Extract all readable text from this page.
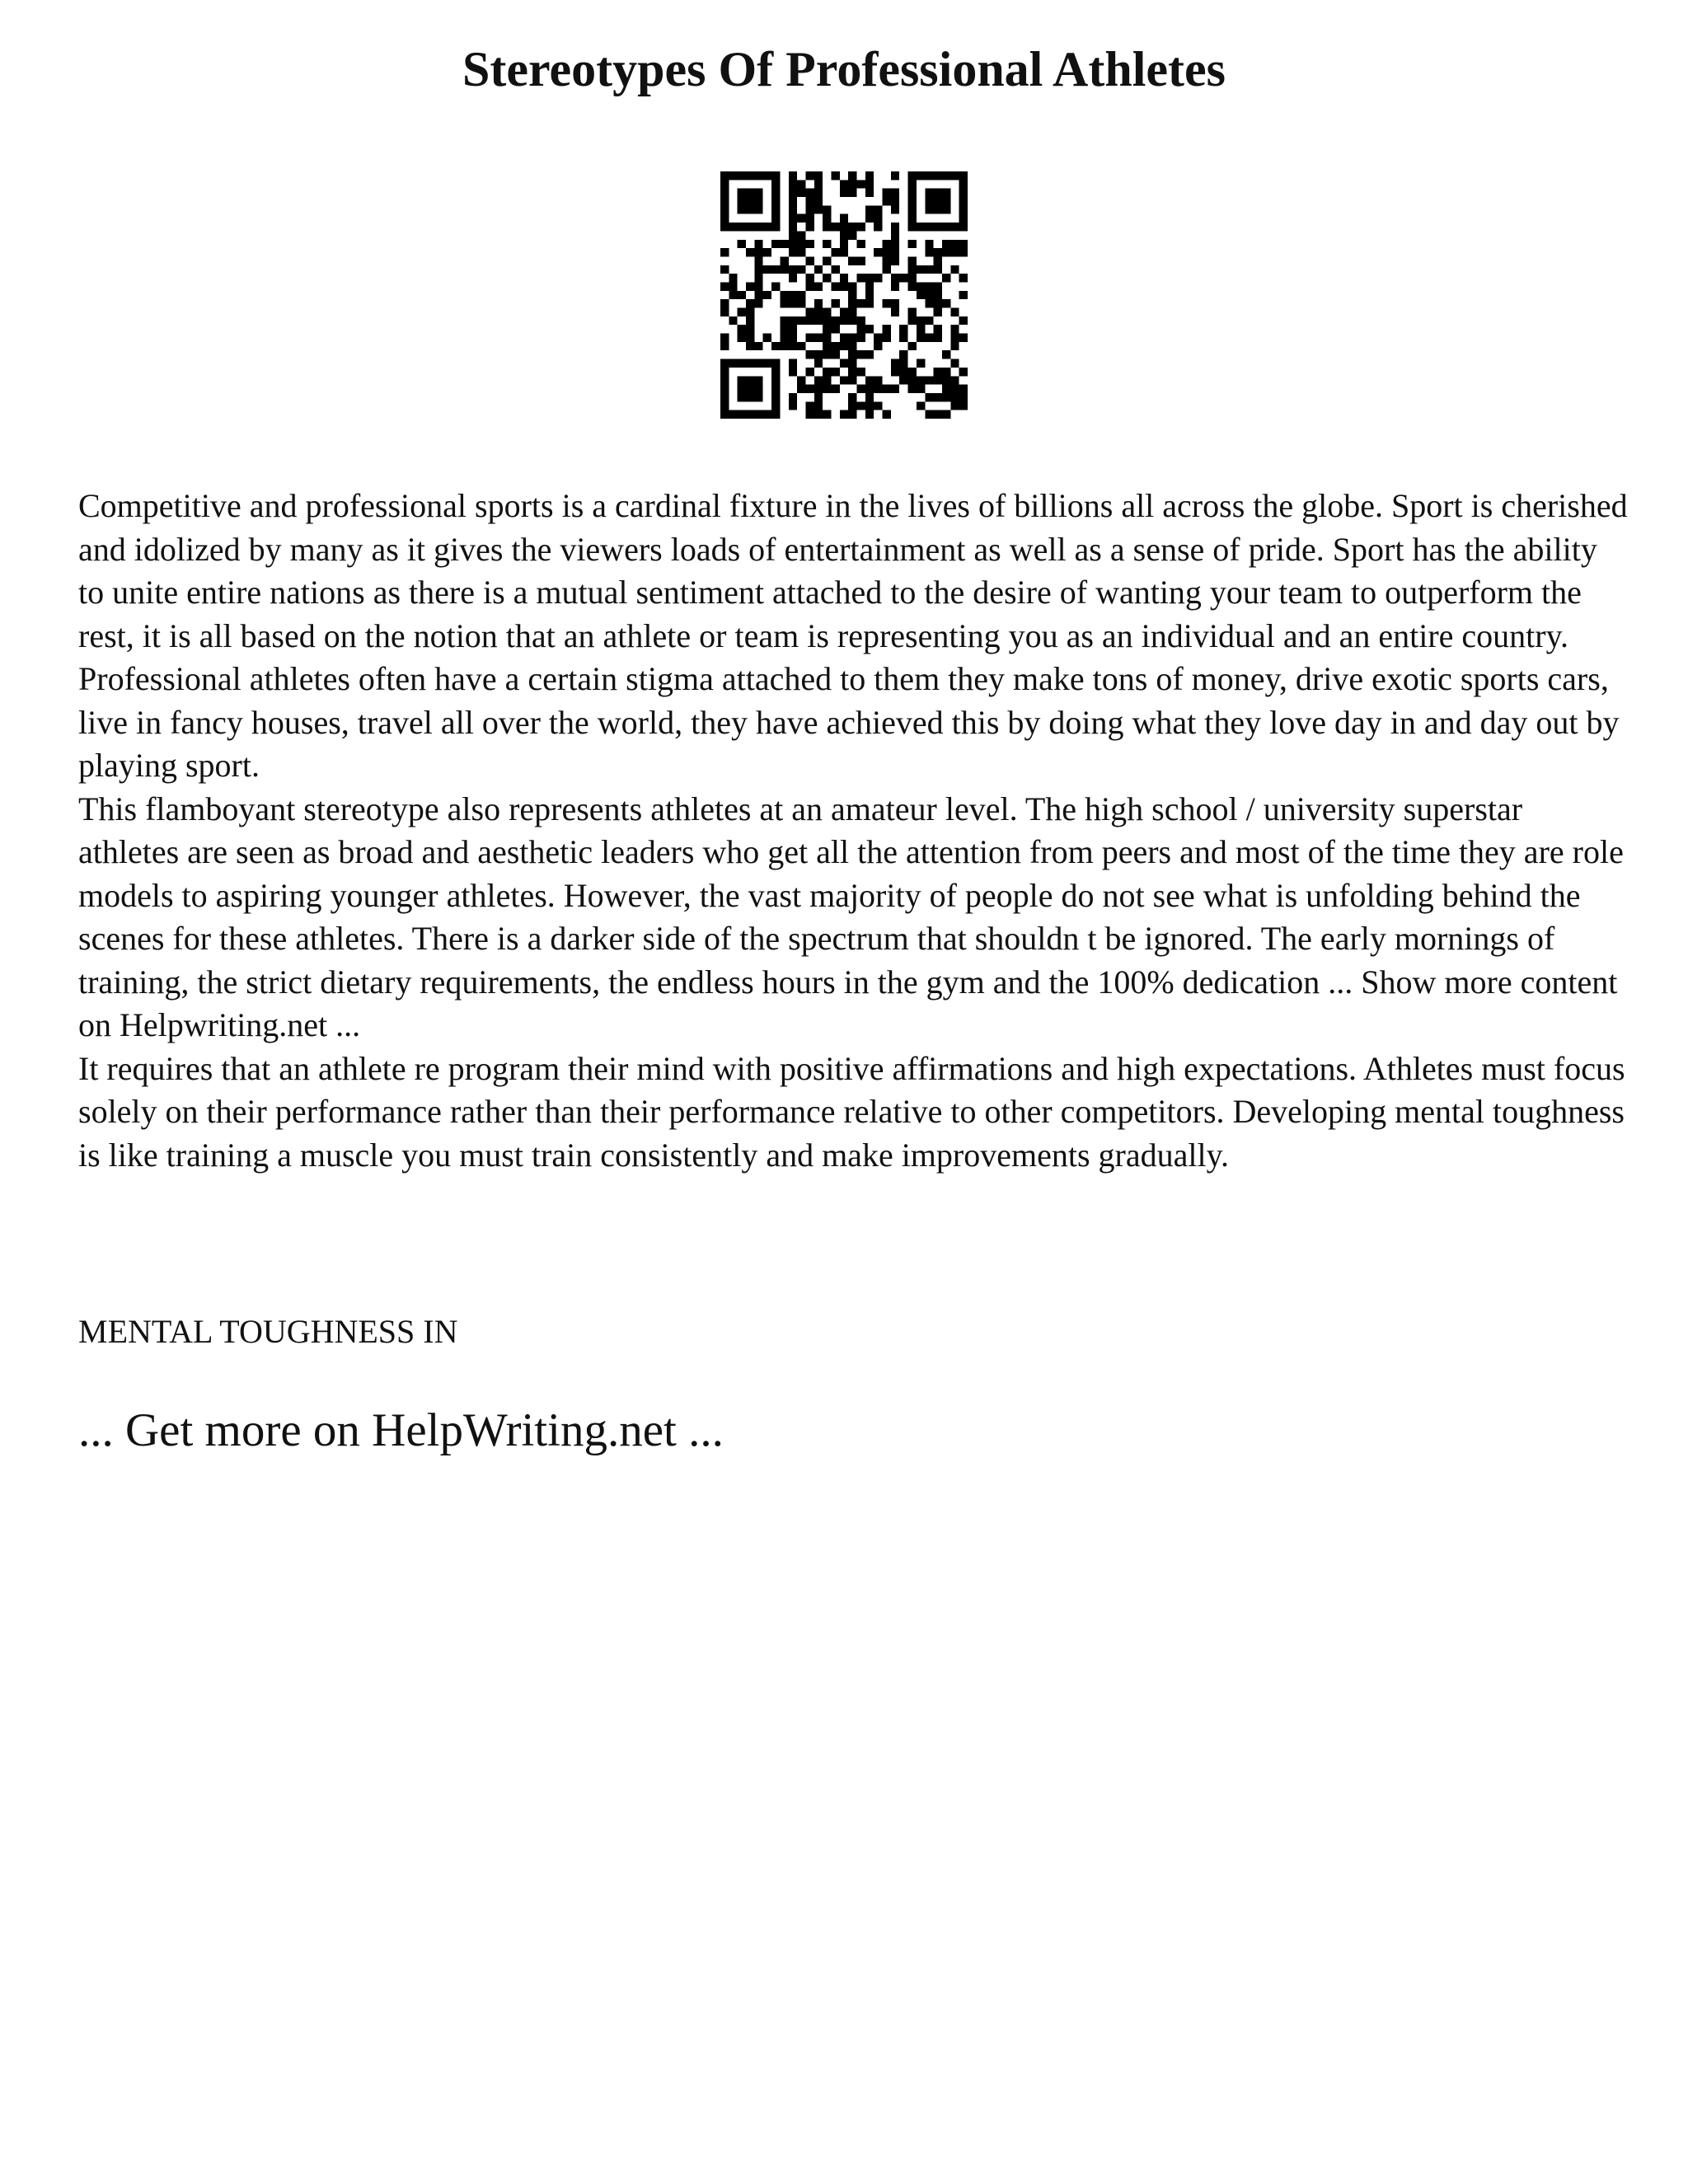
Stereotypes Of Professional Athletes

Competitive and professional sports is a cardinal fixture in the lives of billions all across the globe. Sport is cherished and idolized by many as it gives the viewers loads of entertainment as well as a sense of pride. Sport has the ability to unite entire nations as there is a mutual sentiment attached to the desire of wanting your team to outperform the rest, it is all based on the notion that an athlete or team is representing you as an individual and an entire country. Professional athletes often have a certain stigma attached to them they make tons of money, drive exotic sports cars, live in fancy houses, travel all over the world, they have achieved this by doing what they love day in and day out by playing sport.

This flamboyant stereotype also represents athletes at an amateur level. The high school / university superstar athletes are seen as broad and aesthetic leaders who get all the attention from peers and most of the time they are role models to aspiring younger athletes. However, the vast majority of people do not see what is unfolding behind the scenes for these athletes. There is a darker side of the spectrum that shouldn t be ignored. The early mornings of training, the strict dietary requirements, the endless hours in the gym and the 100% dedication ... Show more content on Helpwriting.net ...

It requires that an athlete re program their mind with positive affirmations and high expectations. Athletes must focus solely on their performance rather than their performance relative to other competitors. Developing mental toughness is like training a muscle you must train consistently and make improvements gradually.

MENTAL TOUGHNESS IN

... Get more on HelpWriting.net ...
